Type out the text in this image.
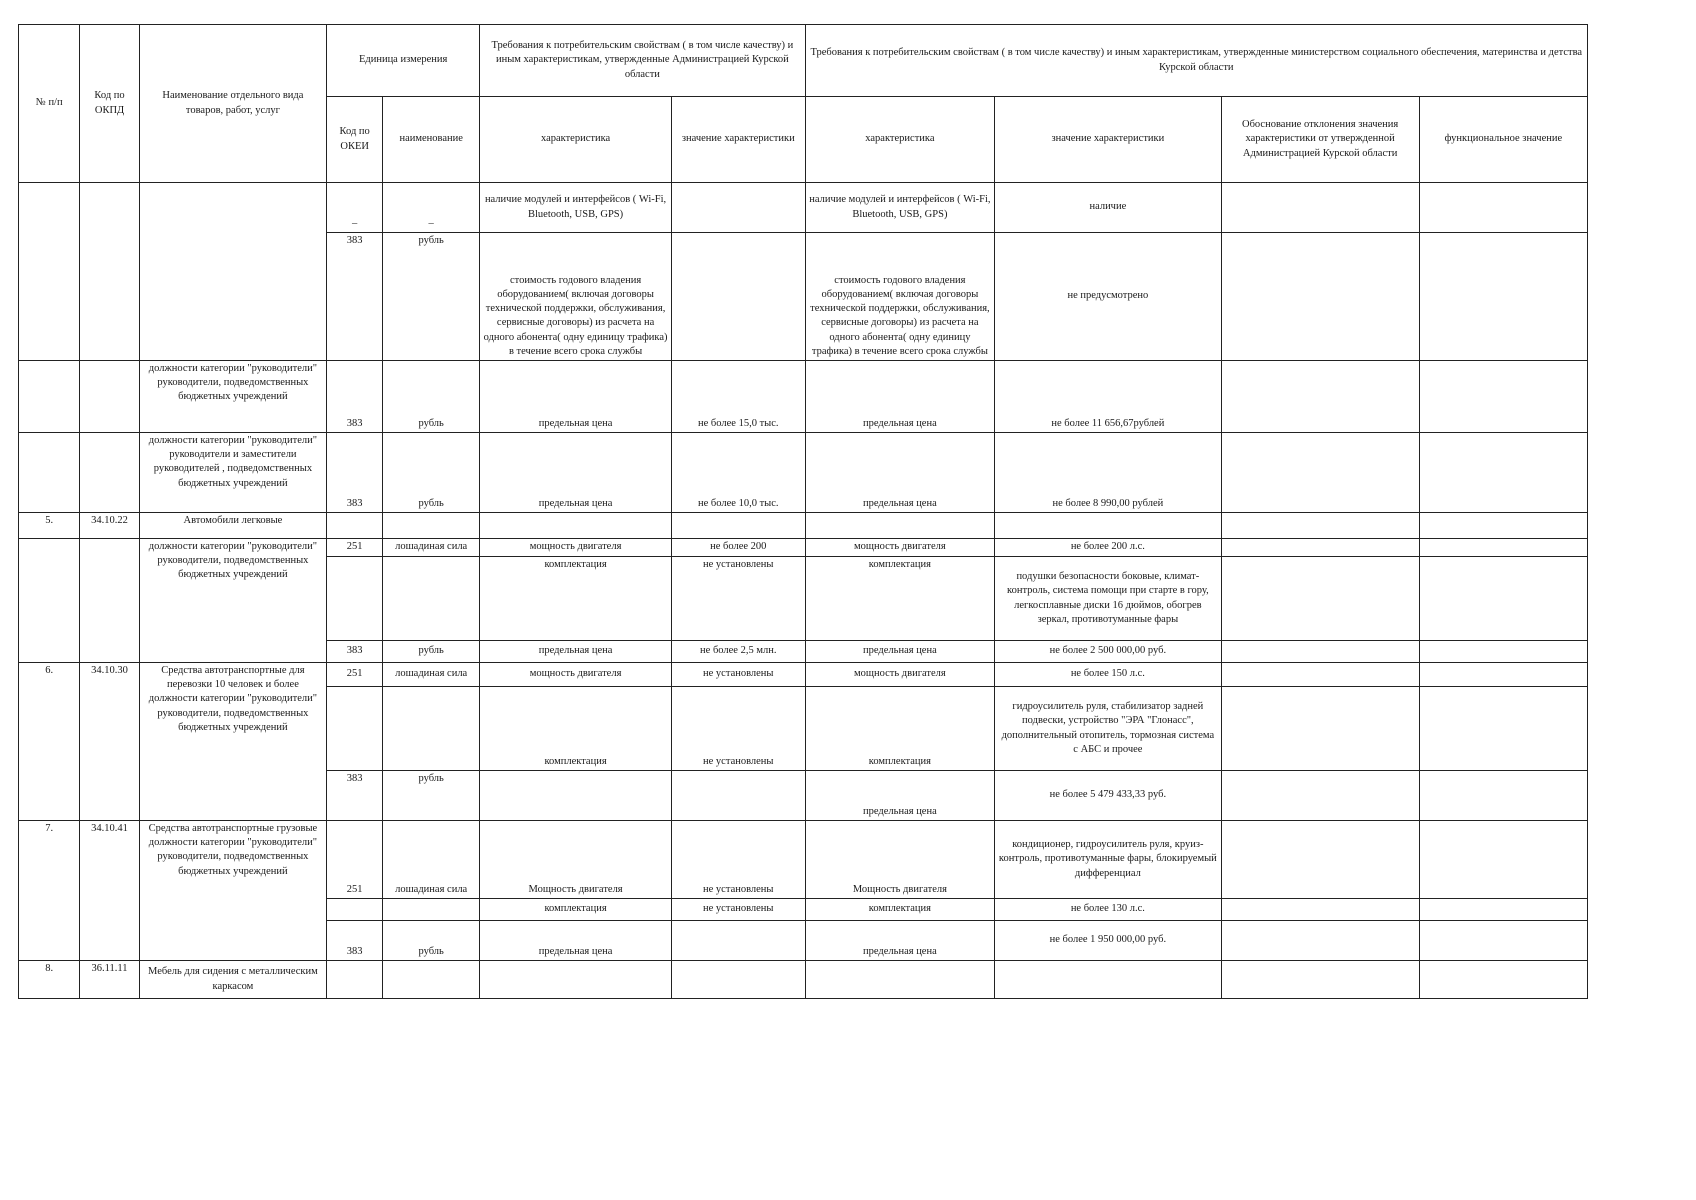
№ п/п	Код по ОКПД	Наименование отдельного вида товаров, работ, услуг	Единица измерения		Требования к потребительским свойствам ( в том числе качеству) и иным характеристикам, утвержденные Администрацией Курской области		Требования к потребительским свойствам ( в том числе качеству) и иным характеристикам, утвержденные министерством социального обеспечения, материнства и детства Курской области			
			Код по ОКЕИ	наименование	характеристика	значение характеристики	характеристика	значение характеристики	Обоснование отклонения значения характеристики от утвержденной Администрацией Курской области	функциональное значение
			–	–	наличие модулей и интерфейсов ( Wi-Fi, Bluetooth, USB, GPS)		наличие модулей и интерфейсов ( Wi-Fi, Bluetooth, USB, GPS)	наличие		
			383	рубль	стоимость годового владения оборудованием( включая договоры технической поддержки, обслуживания, сервисные договоры) из расчета на одного абонента( одну единицу трафика) в течение всего срока службы		стоимость годового владения оборудованием( включая договоры технической поддержки, обслуживания, сервисные договоры) из расчета на одного абонента( одну единицу трафика) в течение всего срока службы	не предусмотрено		
		должности категории "руководители" руководители, подведомственных бюджетных учреждений	383	рубль	предельная цена	не более 15,0 тыс.	предельная цена	не более 11 656,67рублей		
		должности категории "руководители" руководители и заместители руководителей , подведомственных бюджетных учреждений	383	рубль	предельная цена	не более 10,0 тыс.	предельная цена	не более 8 990,00 рублей		
5.	34.10.22	Автомобили легковые								
		должности категории "руководители" руководители, подведомственных бюджетных учреждений	251	лошадиная сила	мощность двигателя	не более 200	мощность двигателя	не более 200 л.с.		
					комплектация	не установлены	комплектация	подушки безопасности боковые, климат-контроль, система помощи при старте в гору, легкосплавные диски 16 дюймов, обогрев зеркал, противотуманные фары		
			383	рубль	предельная цена	не более 2,5 млн.	предельная цена	не более 2 500 000,00 руб.		
6.	34.10.30	Средства автотранспортные для перевозки 10 человек и более должности категории "руководители" руководители, подведомственных бюджетных учреждений	251	лошадиная сила	мощность двигателя	не установлены	мощность двигателя	не более 150 л.с.		
					комплектация	не установлены	комплектация	гидроусилитель руля, стабилизатор задней подвески, устройство "ЭРА "Глонасс", дополнительный отопитель, тормозная система с АБС и прочее		
			383	рубль			предельная цена	не более 5 479 433,33 руб.		
7.	34.10.41	Средства автотранспортные грузовые должности категории "руководители" руководители, подведомственных бюджетных учреждений	251	лошадиная сила	Мощность двигателя	не установлены	Мощность двигателя	кондиционер, гидроусилитель руля, круиз-контроль, противотуманные фары, блокируемый дифференциал		
					комплектация	не установлены	комплектация	не более 130 л.с.		
			383	рубль	предельная цена		предельная цена	не более 1 950 000,00 руб.		
8.	36.11.11	Мебель для сидения с металлическим каркасом								
